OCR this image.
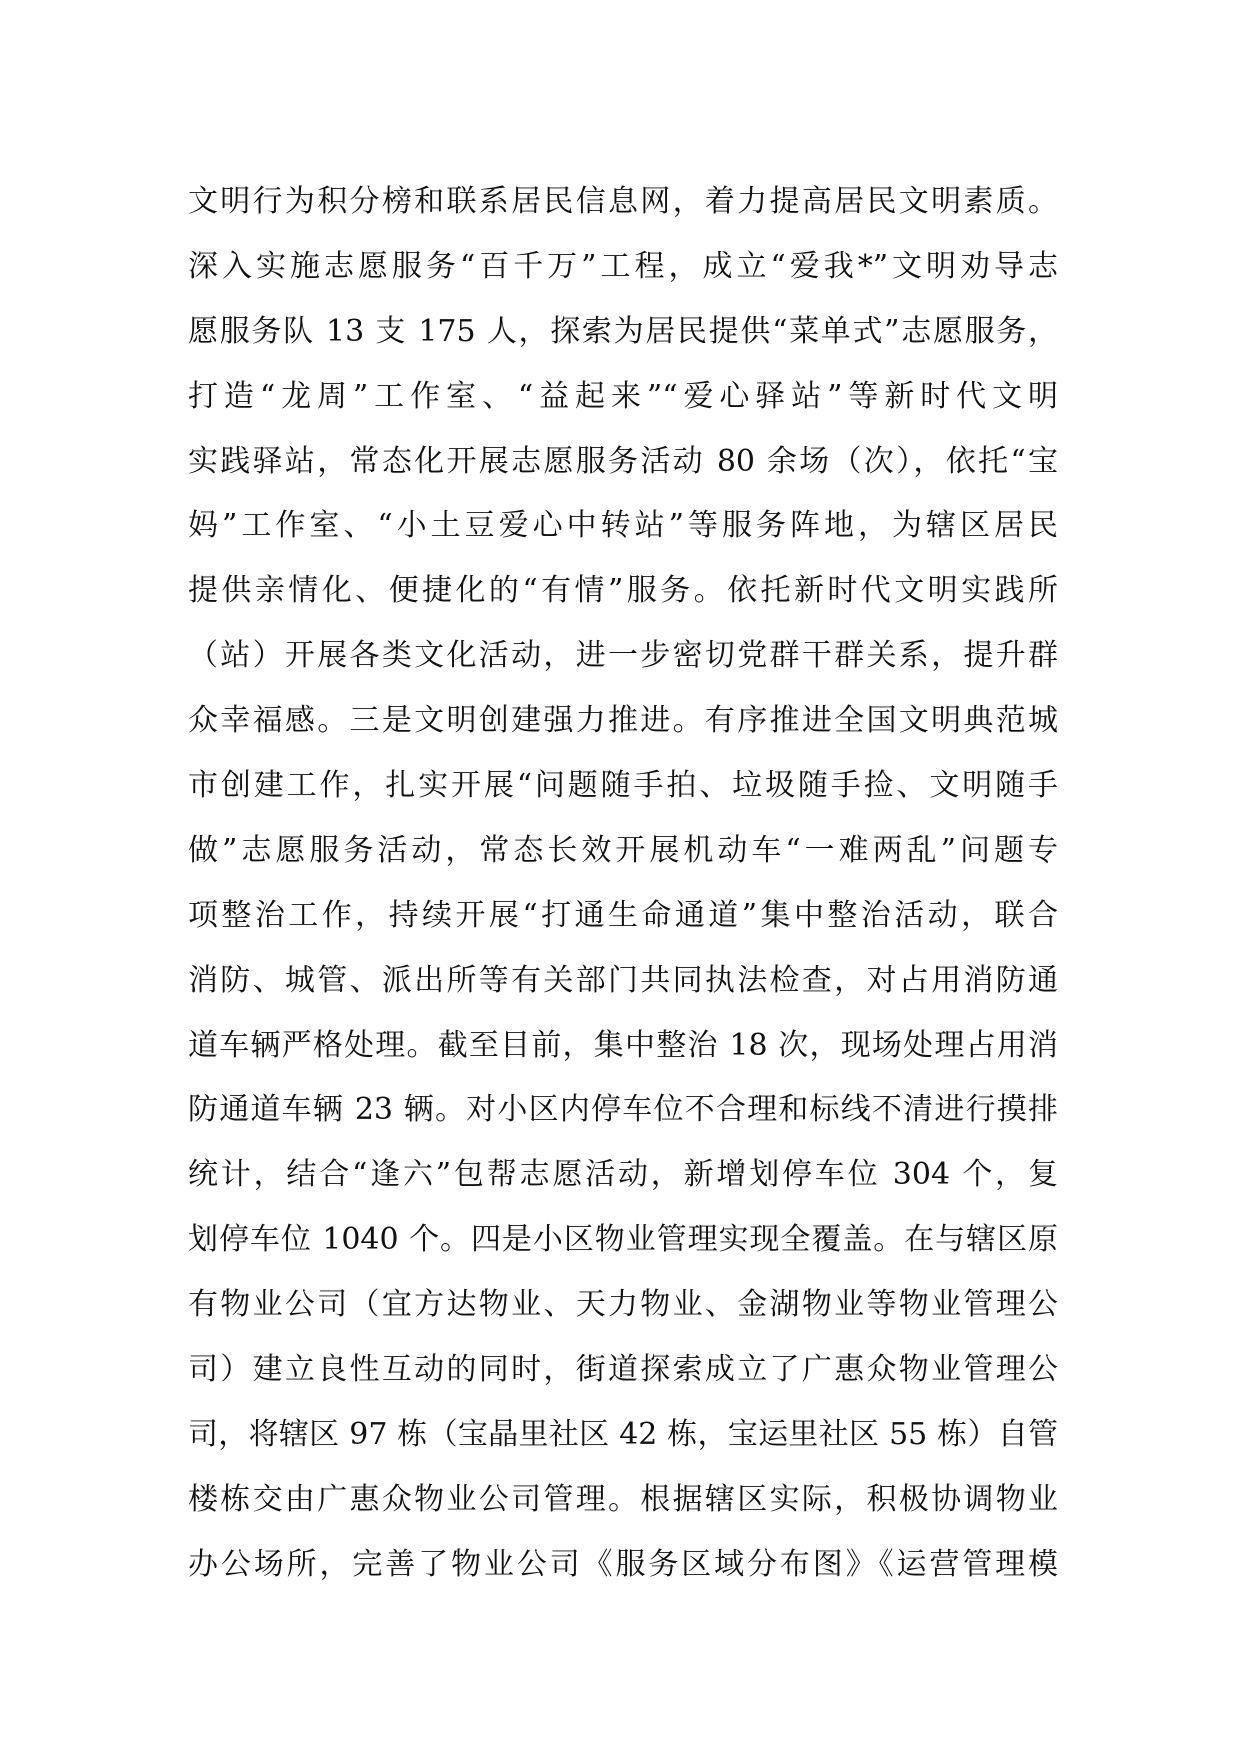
文明行为积分榜和联系居民信息网，着力提高居民文明素质。
深入实施志愿服务“百千万”工程，成立“爱我*”文明劝导志
愿服务队 13 支 175 人，探索为居民提供“菜单式”志愿服务，
打造“龙周”工作室、“益起来”“爱心驿站”等新时代文明
实践驿站，常态化开展志愿服务活动 80 余场（次），依托“宝
妈”工作室、“小土豆爱心中转站”等服务阵地，为辖区居民
提供亲情化、便捷化的“有情”服务。依托新时代文明实践所
（站）开展各类文化活动，进一步密切党群干群关系，提升群
众幸福感。三是文明创建强力推进。有序推进全国文明典范城
市创建工作，扎实开展“问题随手拍、垃圾随手捡、文明随手
做”志愿服务活动，常态长效开展机动车“一难两乱”问题专
项整治工作，持续开展“打通生命通道”集中整治活动，联合
消防、城管、派出所等有关部门共同执法检查，对占用消防通
道车辆严格处理。截至目前，集中整治 18 次，现场处理占用消
防通道车辆 23 辆。对小区内停车位不合理和标线不清进行摸排
统计，结合“逢六”包帮志愿活动，新增划停车位 304 个，复
划停车位 1040 个。四是小区物业管理实现全覆盖。在与辖区原
有物业公司（宜方达物业、天力物业、金湖物业等物业管理公
司）建立良性互动的同时，街道探索成立了广惠众物业管理公
司，将辖区 97 栋（宝晶里社区 42 栋，宝运里社区 55 栋）自管
楼栋交由广惠众物业公司管理。根据辖区实际，积极协调物业
办公场所，完善了物业公司《服务区域分布图》《运营管理模
